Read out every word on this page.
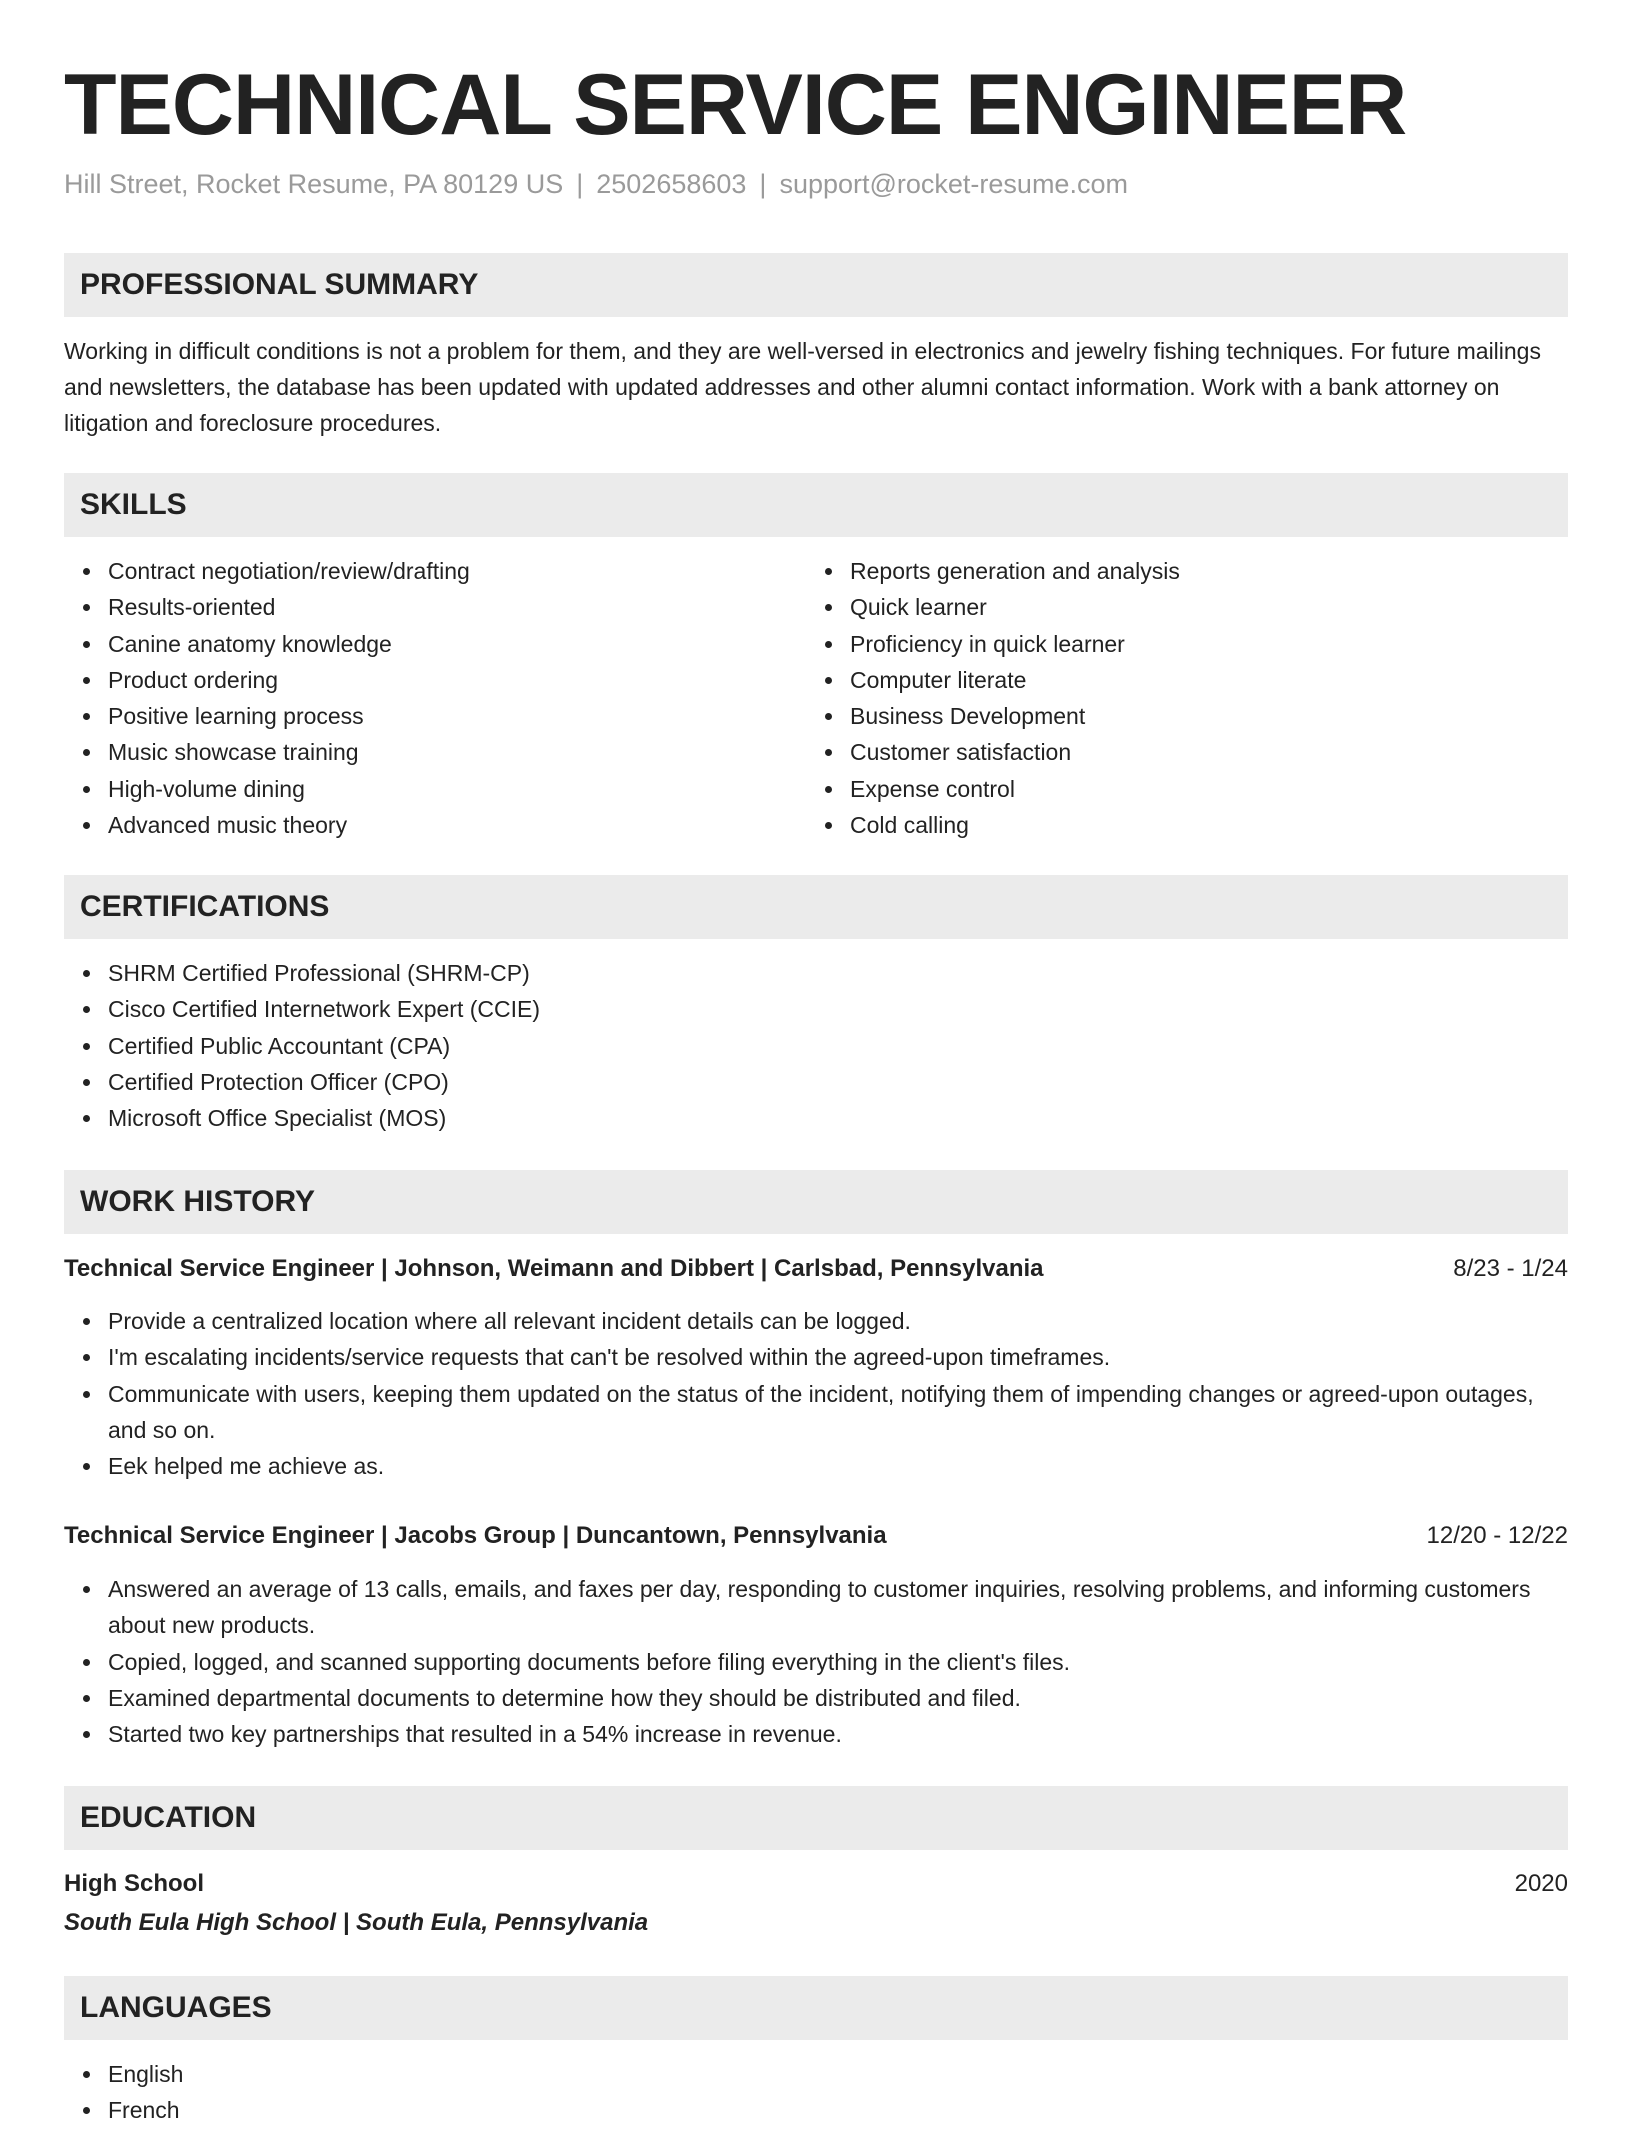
TECHNICAL SERVICE ENGINEER
Hill Street, Rocket Resume, PA 80129 US | 2502658603 | support@rocket-resume.com
PROFESSIONAL SUMMARY

Working in difficult conditions is not a problem for them, and they are well-versed in electronics and jewelry fishing techniques. For future mailings and newsletters, the database has been updated with updated addresses and other alumni contact information. Work with a bank attorney on litigation and foreclosure procedures.

SKILLS
Contract negotiation/review/drafting
Results-oriented
Canine anatomy knowledge
Product ordering
Positive learning process
Music showcase training
High-volume dining
Advanced music theory
Reports generation and analysis
Quick learner
Proficiency in quick learner
Computer literate
Business Development
Customer satisfaction
Expense control
Cold calling
CERTIFICATIONS
SHRM Certified Professional (SHRM-CP)
Cisco Certified Internetwork Expert (CCIE)
Certified Public Accountant (CPA)
Certified Protection Officer (CPO)
Microsoft Office Specialist (MOS)
WORK HISTORY
Technical Service Engineer | Johnson, Weimann and Dibbert | Carlsbad, Pennsylvania	8/23 - 1/24
Provide a centralized location where all relevant incident details can be logged.
I'm escalating incidents/service requests that can't be resolved within the agreed-upon timeframes.
Communicate with users, keeping them updated on the status of the incident, notifying them of impending changes or agreed-upon outages, and so on.
Eek helped me achieve as.
Technical Service Engineer | Jacobs Group | Duncantown, Pennsylvania	12/20 - 12/22
Answered an average of 13 calls, emails, and faxes per day, responding to customer inquiries, resolving problems, and informing customers about new products.
Copied, logged, and scanned supporting documents before filing everything in the client's files.
Examined departmental documents to determine how they should be distributed and filed.
Started two key partnerships that resulted in a 54% increase in revenue.
EDUCATION
High School	2020
South Eula High School | South Eula, Pennsylvania
LANGUAGES
English
French
